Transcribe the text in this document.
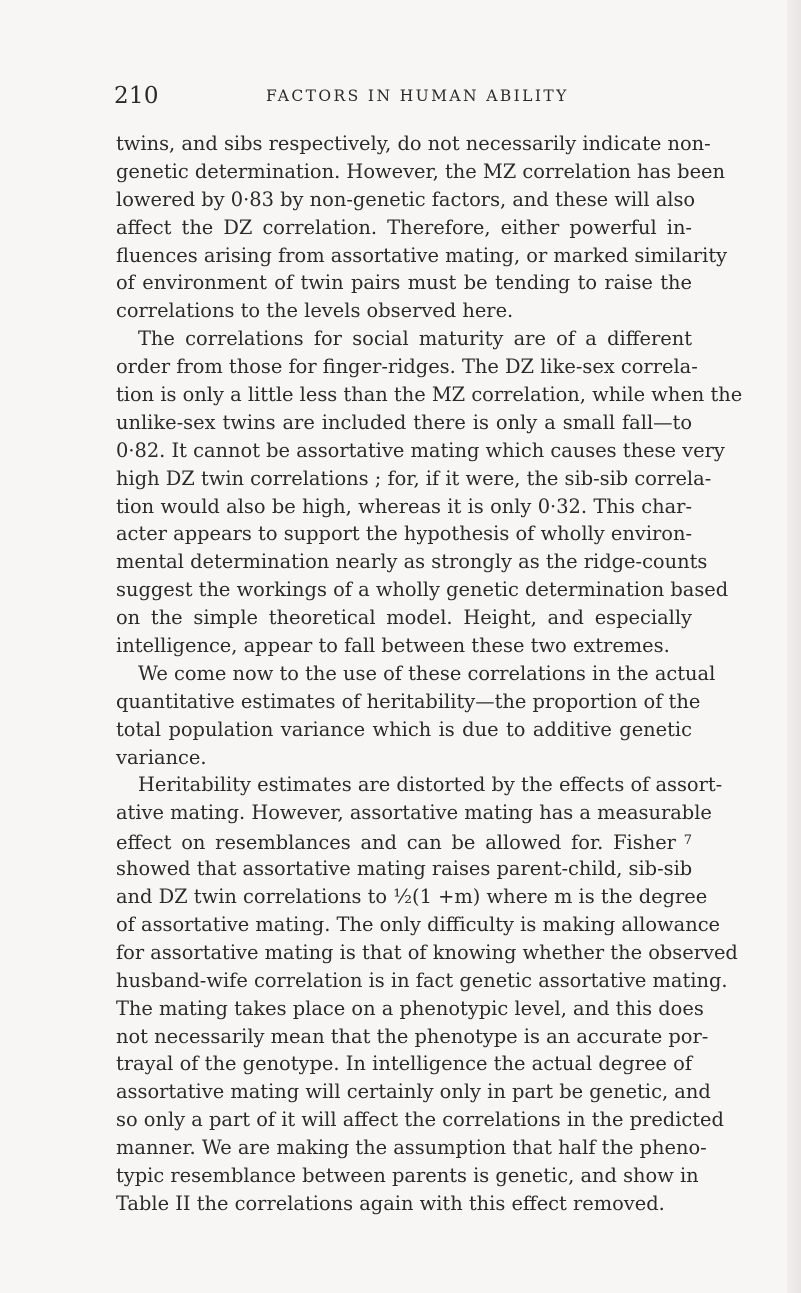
210	FACTORS IN HUMAN ABILITY
twins, and sibs respectively, do not necessarily indicate non-
genetic determination. However, the MZ correlation has been
lowered by 0·83 by non-genetic factors, and these will also
affect the DZ correlation. Therefore, either powerful in-
fluences arising from assortative mating, or marked similarity
of environment of twin pairs must be tending to raise the
correlations to the levels observed here.
The correlations for social maturity are of a different
order from those for finger-ridges. The DZ like-sex correla-
tion is only a little less than the MZ correlation, while when the
unlike-sex twins are included there is only a small fall—to
0·82. It cannot be assortative mating which causes these very
high DZ twin correlations ; for, if it were, the sib-sib correla-
tion would also be high, whereas it is only 0·32. This char-
acter appears to support the hypothesis of wholly environ-
mental determination nearly as strongly as the ridge-counts
suggest the workings of a wholly genetic determination based
on the simple theoretical model. Height, and especially
intelligence, appear to fall between these two extremes.
We come now to the use of these correlations in the actual
quantitative estimates of heritability—the proportion of the
total population variance which is due to additive genetic
variance.
Heritability estimates are distorted by the effects of assort-
ative mating. However, assortative mating has a measurable
effect on resemblances and can be allowed for. Fisher $^7$
showed that assortative mating raises parent-child, sib-sib
and DZ twin correlations to ½(1 +m) where m is the degree
of assortative mating. The only difficulty is making allowance
for assortative mating is that of knowing whether the observed
husband-wife correlation is in fact genetic assortative mating.
The mating takes place on a phenotypic level, and this does
not necessarily mean that the phenotype is an accurate por-
trayal of the genotype. In intelligence the actual degree of
assortative mating will certainly only in part be genetic, and
so only a part of it will affect the correlations in the predicted
manner. We are making the assumption that half the pheno-
typic resemblance between parents is genetic, and show in
Table II the correlations again with this effect removed.
